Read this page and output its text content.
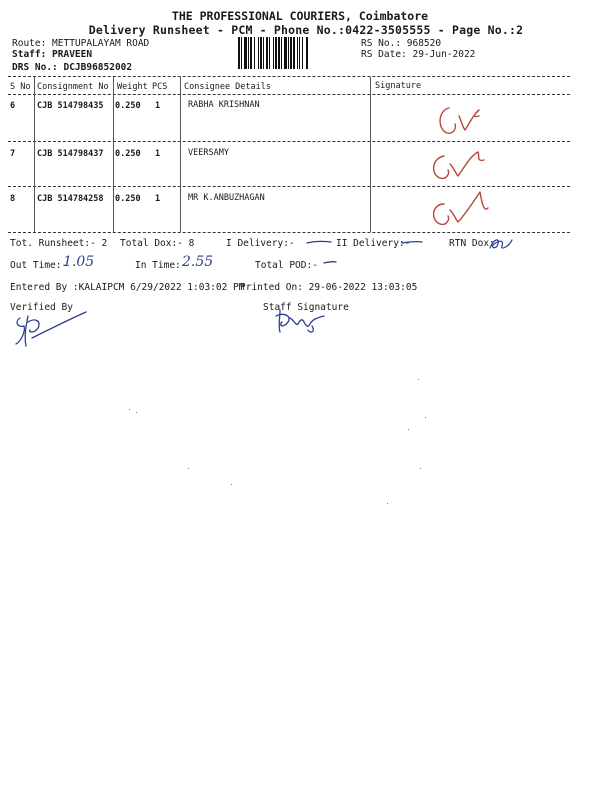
THE PROFESSIONAL COURIERS, Coimbatore
Delivery Runsheet - PCM - Phone No.:0422-3505555 - Page No.:2
Route: METTUPALAYAM ROAD
Staff: PRAVEEN
DRS No.: DCJB96852002
RS No.: 968520
RS Date: 29-Jun-2022
S No Consignment No Weight PCS Consignee Details	Signature
6	CJB 514798435 0.250 1	RABHA KRISHNAN
7	CJB 514798437 0.250 1	VEERSAMY
8	CJB 514784258 0.250 1	MR K.ANBUZHAGAN
Tot. Runsheet:- 2 Total Dox:- 8	I Delivery:-	II Delivery:-	RTN Dox:
Out Time:-
1.05	In Time:-
2.55	Total POD:-
Entered By :KALAIPCM 6/29/2022 1:03:02 PM
Printed On: 29-06-2022 13:03:05
Verified By	Staff Signature
